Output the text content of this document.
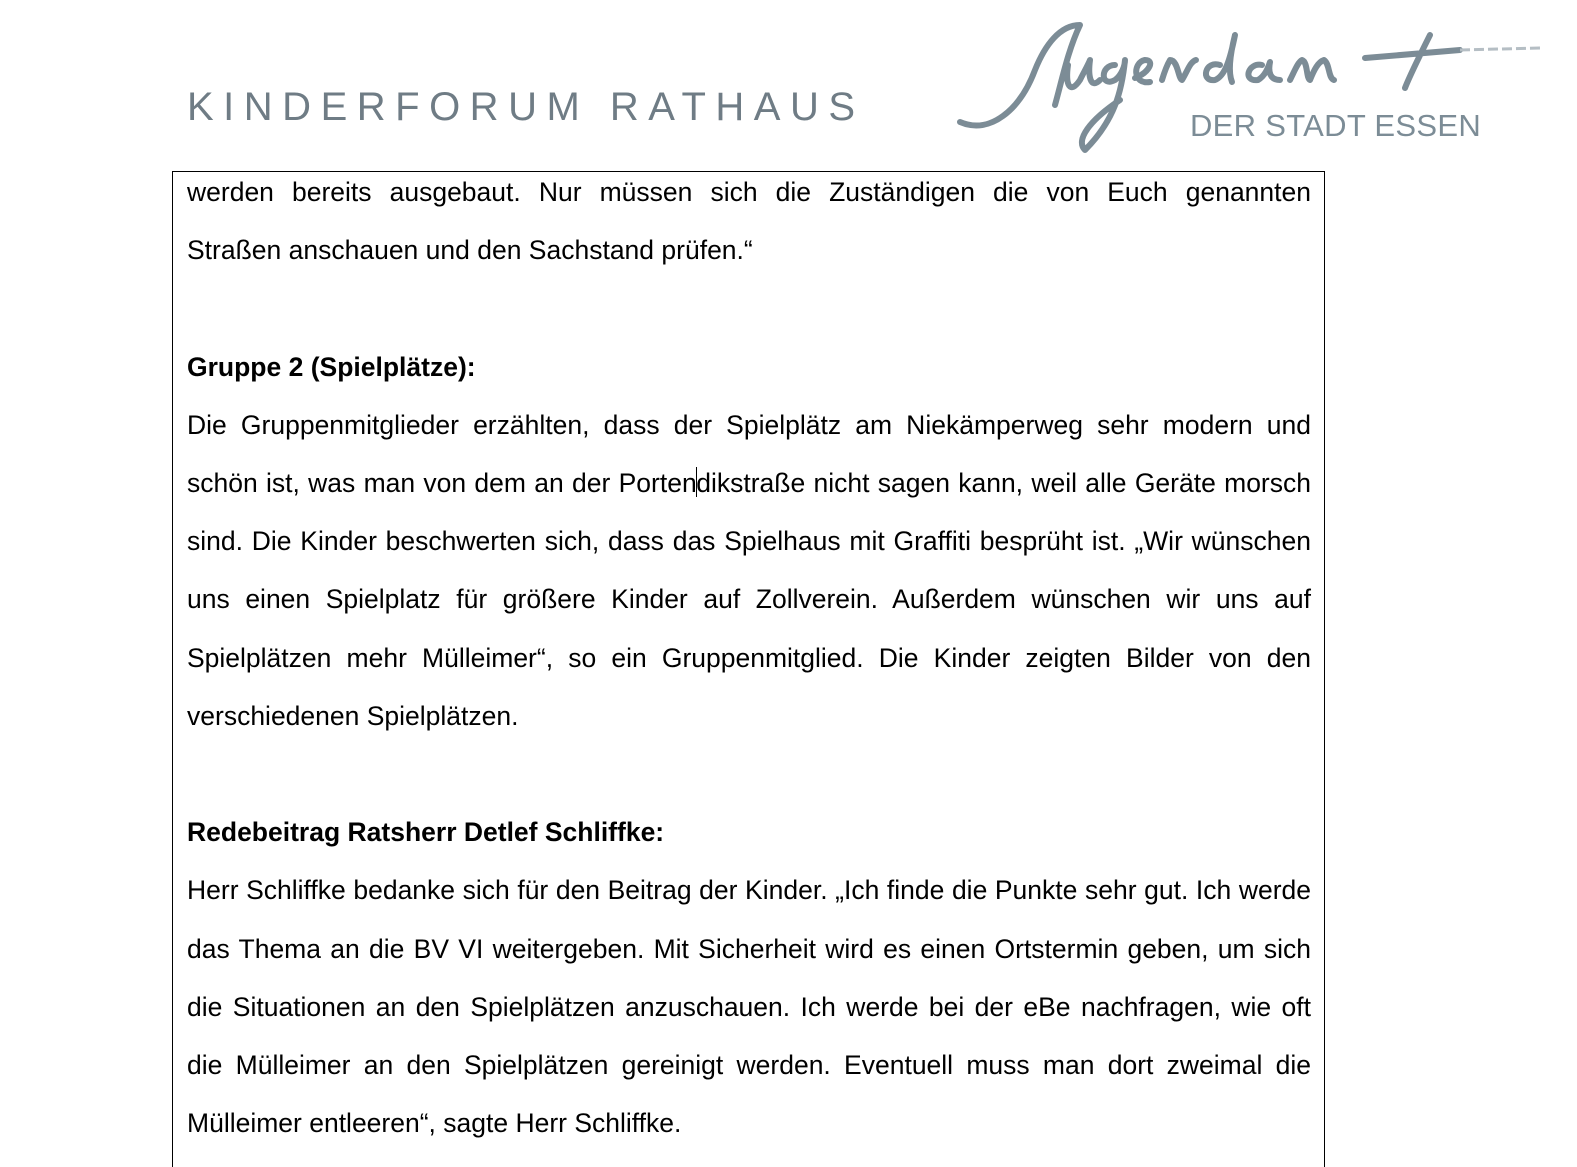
KINDERFORUM RATHAUS	DER STADT ESSEN

werden bereits ausgebaut. Nur müssen sich die Zuständigen die von Euch genannten

Straßen anschauen und den Sachstand prüfen.“

Gruppe 2 (Spielplätze):

Die Gruppenmitglieder erzählten, dass der Spielplätz am Niekämperweg sehr modern und schön ist, was man von dem an der Portendikstraße nicht sagen kann, weil alle Geräte morsch sind. Die Kinder beschwerten sich, dass das Spielhaus mit Graffiti besprüht ist. „Wir wünschen uns einen Spielplatz für größere Kinder auf Zollverein. Außerdem wünschen wir uns auf Spielplätzen mehr Mülleimer“, so ein Gruppenmitglied. Die Kinder zeigten Bilder von den verschiedenen Spielplätzen.

Redebeitrag Ratsherr Detlef Schliffke:

Herr Schliffke bedanke sich für den Beitrag der Kinder. „Ich finde die Punkte sehr gut. Ich werde das Thema an die BV VI weitergeben. Mit Sicherheit wird es einen Ortstermin geben, um sich die Situationen an den Spielplätzen anzuschauen. Ich werde bei der eBe nachfragen, wie oft die Mülleimer an den Spielplätzen gereinigt werden. Eventuell muss man dort zweimal die Mülleimer entleeren“, sagte Herr Schliffke.
